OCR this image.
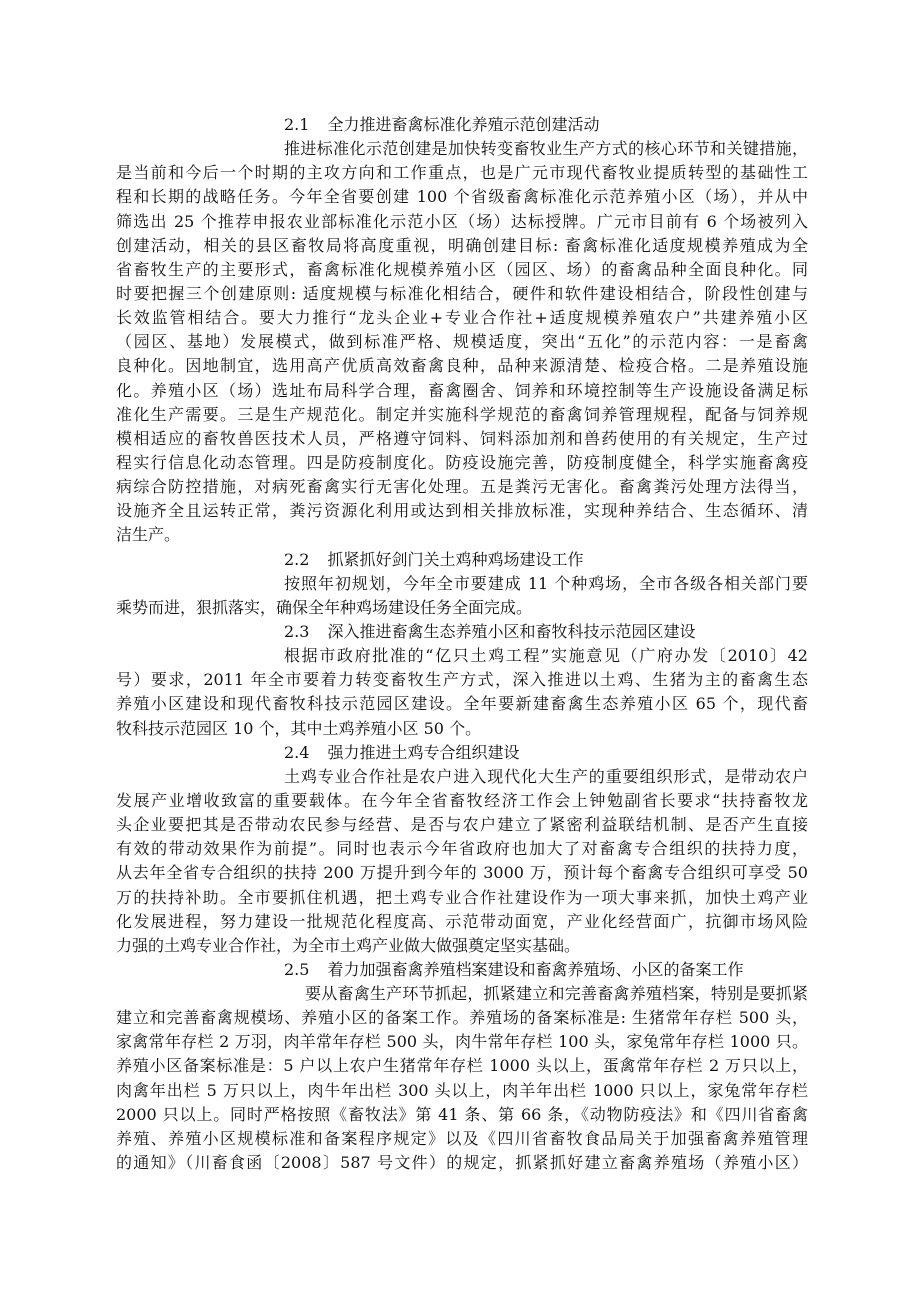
2.1 全力推进畜禽标准化养殖示范创建活动
推进标准化示范创建是加快转变畜牧业生产方式的核心环节和关键措施，
是当前和今后一个时期的主攻方向和工作重点，也是广元市现代畜牧业提质转型的基础性工
程和长期的战略任务。今年全省要创建 100 个省级畜禽标准化示范养殖小区（场），并从中
筛选出 25 个推荐申报农业部标准化示范小区（场）达标授牌。广元市目前有 6 个场被列入
创建活动，相关的县区畜牧局将高度重视，明确创建目标: 畜禽标准化适度规模养殖成为全
省畜牧生产的主要形式，畜禽标准化规模养殖小区（园区、场）的畜禽品种全面良种化。同
时要把握三个创建原则: 适度规模与标准化相结合，硬件和软件建设相结合，阶段性创建与
长效监管相结合。要大力推行“龙头企业+专业合作社+适度规模养殖农户”共建养殖小区
（园区、基地）发展模式，做到标准严格、规模适度，突出“五化”的示范内容：一是畜禽
良种化。因地制宜，选用高产优质高效畜禽良种，品种来源清楚、检疫合格。二是养殖设施
化。养殖小区（场）选址布局科学合理，畜禽圈舍、饲养和环境控制等生产设施设备满足标
准化生产需要。三是生产规范化。制定并实施科学规范的畜禽饲养管理规程，配备与饲养规
模相适应的畜牧兽医技术人员，严格遵守饲料、饲料添加剂和兽药使用的有关规定，生产过
程实行信息化动态管理。四是防疫制度化。防疫设施完善，防疫制度健全，科学实施畜禽疫
病综合防控措施，对病死畜禽实行无害化处理。五是粪污无害化。畜禽粪污处理方法得当，
设施齐全且运转正常，粪污资源化利用或达到相关排放标准，实现种养结合、生态循环、清
洁生产。
2.2 抓紧抓好剑门关土鸡种鸡场建设工作
按照年初规划，今年全市要建成 11 个种鸡场，全市各级各相关部门要
乘势而进，狠抓落实，确保全年种鸡场建设任务全面完成。
2.3 深入推进畜禽生态养殖小区和畜牧科技示范园区建设
根据市政府批准的“亿只土鸡工程”实施意见（广府办发〔2010〕42
号）要求，2011 年全市要着力转变畜牧生产方式，深入推进以土鸡、生猪为主的畜禽生态
养殖小区建设和现代畜牧科技示范园区建设。全年要新建畜禽生态养殖小区 65 个，现代畜
牧科技示范园区 10 个，其中土鸡养殖小区 50 个。
2.4 强力推进土鸡专合组织建设
土鸡专业合作社是农户进入现代化大生产的重要组织形式，是带动农户
发展产业增收致富的重要载体。在今年全省畜牧经济工作会上钟勉副省长要求“扶持畜牧龙
头企业要把其是否带动农民参与经营、是否与农户建立了紧密利益联结机制、是否产生直接
有效的带动效果作为前提”。同时也表示今年省政府也加大了对畜禽专合组织的扶持力度，
从去年全省专合组织的扶持 200 万提升到今年的 3000 万，预计每个畜禽专合组织可享受 50
万的扶持补助。全市要抓住机遇，把土鸡专业合作社建设作为一项大事来抓，加快土鸡产业
化发展进程，努力建设一批规范化程度高、示范带动面宽，产业化经营面广，抗御市场风险
力强的土鸡专业合作社，为全市土鸡产业做大做强奠定坚实基础。
2.5 着力加强畜禽养殖档案建设和畜禽养殖场、小区的备案工作
要从畜禽生产环节抓起，抓紧建立和完善畜禽养殖档案，特别是要抓紧
建立和完善畜禽规模场、养殖小区的备案工作。养殖场的备案标准是: 生猪常年存栏 500 头，
家禽常年存栏 2 万羽，肉羊常年存栏 500 头，肉牛常年存栏 100 头，家兔常年存栏 1000 只。
养殖小区备案标准是：5 户以上农户生猪常年存栏 1000 头以上，蛋禽常年存栏 2 万只以上，
肉禽年出栏 5 万只以上，肉牛年出栏 300 头以上，肉羊年出栏 1000 只以上，家兔常年存栏
2000 只以上。同时严格按照《畜牧法》第 41 条、第 66 条，《动物防疫法》和《四川省畜禽
养殖、养殖小区规模标准和备案程序规定》以及《四川省畜牧食品局关于加强畜禽养殖管理
的通知》（川畜食函〔2008〕587 号文件）的规定，抓紧抓好建立畜禽养殖场（养殖小区）
